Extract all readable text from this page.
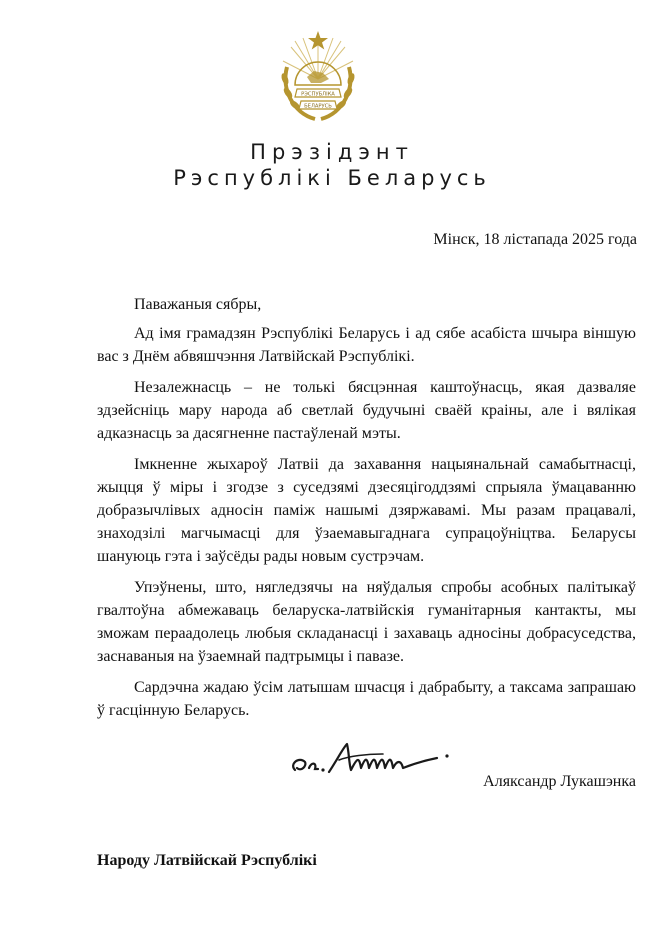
РЭСПУБЛІКА
БЕЛАРУСЬ
Прэзідэнт
Рэспублікі Беларусь
Мінск, 18 лістапада 2025 года
Паважаныя сябры,

Ад імя грамадзян Рэспублікі Беларусь і ад сябе асабіста шчыра віншую вас з Днём абвяшчэння Латвійскай Рэспублікі.

Незалежнасць – не толькі бясцэнная каштоўнасць, якая дазваляе здзейсніць мару народа аб светлай будучыні сваёй краіны, але і вялікая адказнасць за дасягненне пастаўленай мэты.

Імкненне жыхароў Латвіі да захавання нацыянальнай самабытнасці, жыцця ў міры і згодзе з суседзямі дзесяцігоддзямі спрыяла ўмацаванню добразычлівых адносін паміж нашымі дзяржавамі. Мы разам працавалі, знаходзілі магчымасці для ўзаемавыгаднага супрацоўніцтва. Беларусы шануюць гэта і заўсёды рады новым сустрэчам.

Упэўнены, што, нягледзячы на няўдалыя спробы асобных палітыкаў гвалтоўна абмежаваць беларуска-латвійскія гуманітарныя кантакты, мы зможам пераадолець любыя складанасці і захаваць адносіны добрасуседства, заснаваныя на ўзаемнай падтрымцы і павазе.

Сардэчна жадаю ўсім латышам шчасця і дабрабыту, а таксама запрашаю ў гасцінную Беларусь.

Аляксандр Лукашэнка
Народу Латвійскай Рэспублікі
